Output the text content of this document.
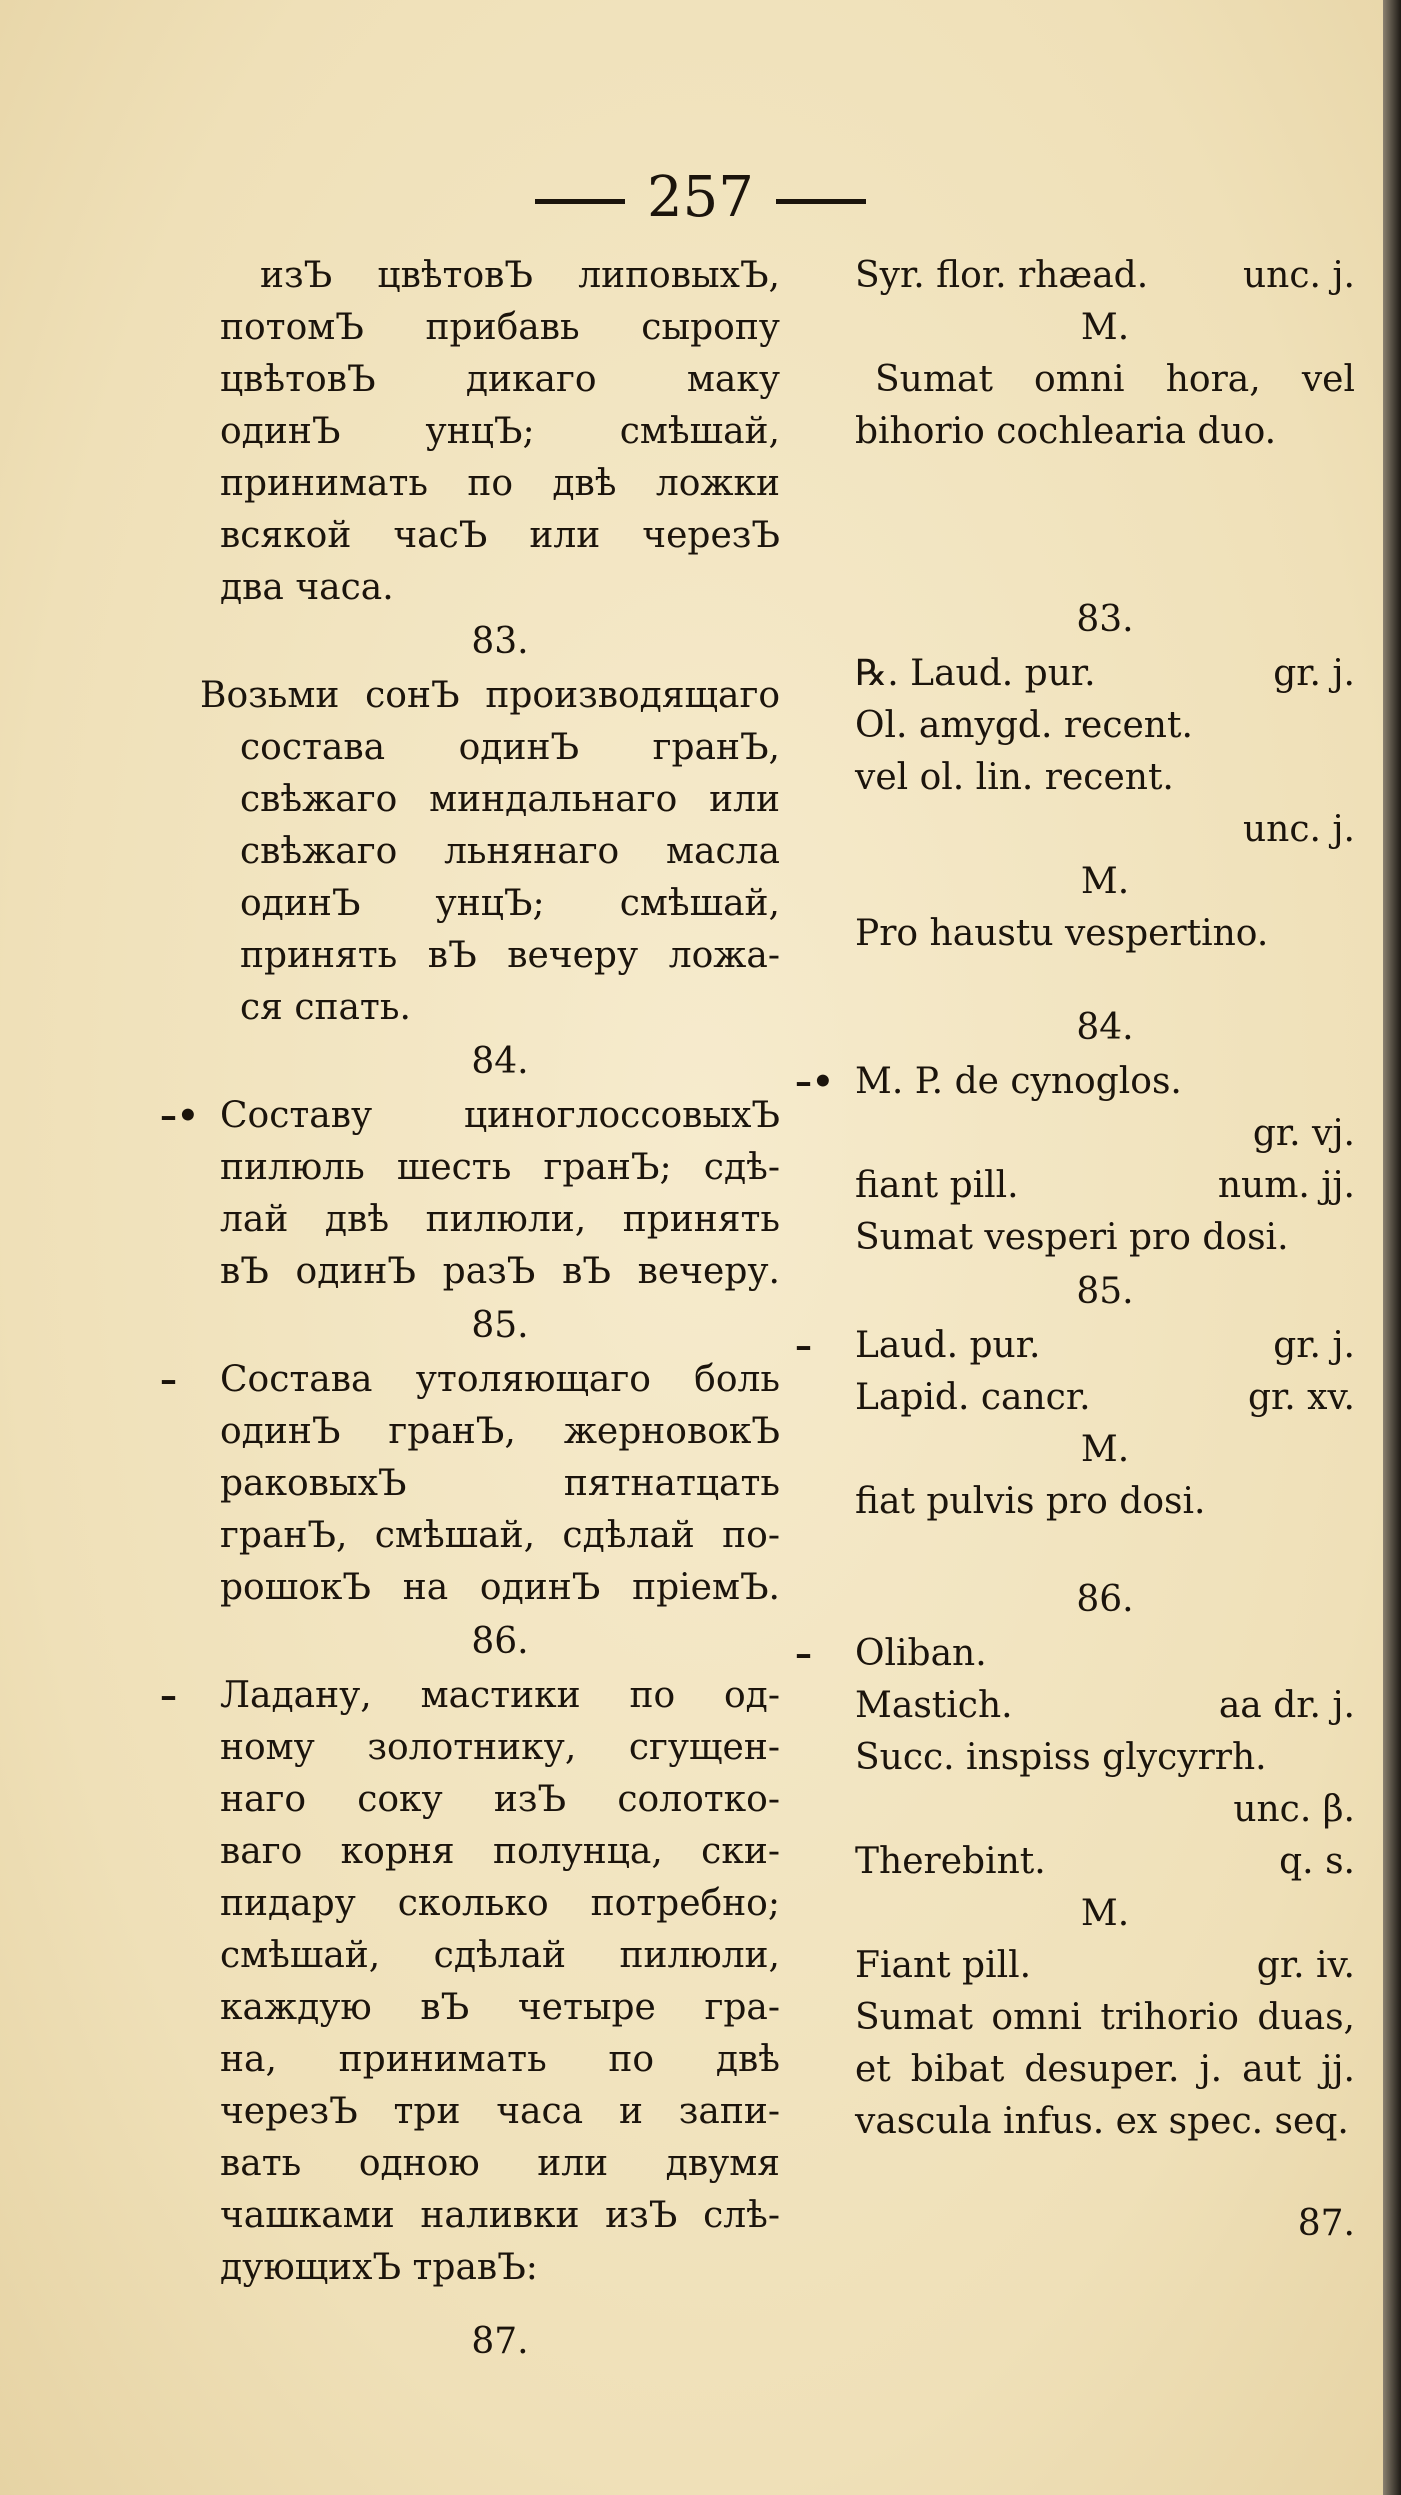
257
изЪ цвѣтовЪ липовыхЪ,
потомЪ прибавь сыропу
цвѣтовЪ дикаго маку
одинЪ унцЪ; смѣшай,
принимать по двѣ ложки
всякой часЪ или черезЪ
два часа.
83.
Возьми сонЪ производящаго
состава одинЪ гранЪ,
свѣжаго миндальнаго или
свѣжаго льнянаго масла
одинЪ унцЪ; смѣшай,
принять вЪ вечеру ложа-
ся спать.
84.
–• Составу циноглоссовыхЪ
пилюль шесть гранЪ; сдѣ-
лай двѣ пилюли, принять
вЪ одинЪ разЪ вЪ вечеру.
85.
– Состава утоляющаго боль
одинЪ гранЪ, жерновокЪ
раковыхЪ пятнатцать
гранЪ, смѣшай, сдѣлай по-
рошокЪ на одинЪ прiемЪ.
86.
– Ладану, мастики по од-
ному золотнику, сгущен-
наго соку изЪ солотко-
ваго корня полунца, ски-
пидару сколько потребно;
смѣшай, сдѣлай пилюли,
каждую вЪ четыре гра-
на, принимать по двѣ
черезЪ три часа и запи-
вать одною или двумя
чашками наливки изЪ слѣ-
дующихЪ травЪ:
87.
Syr. flor. rhæad.	unc. j.
M.
Sumat omni hora, vel
bihorio cochlearia duo.
83.
℞. Laud. pur.	gr. j.
Ol. amygd. recent.
vel ol. lin. recent.
unc. j.
M.
Pro haustu vespertino.
84.
–• M. P. de cynoglos.
gr. vj.
fiant pill.	num. jj.
Sumat vesperi pro dosi.
85.
– Laud. pur.	gr. j.
Lapid. cancr.	gr. xv.
M.
fiat pulvis pro dosi.
86.
– Oliban.
Mastich.	aa dr. j.
Succ. inspiss glycyrrh.
unc. β.
Therebint.	q. s.
M.
Fiant pill.	gr. iv.
Sumat omni trihorio duas,
et bibat desuper. j. aut jj.
vascula infus. ex spec. seq.
87.
